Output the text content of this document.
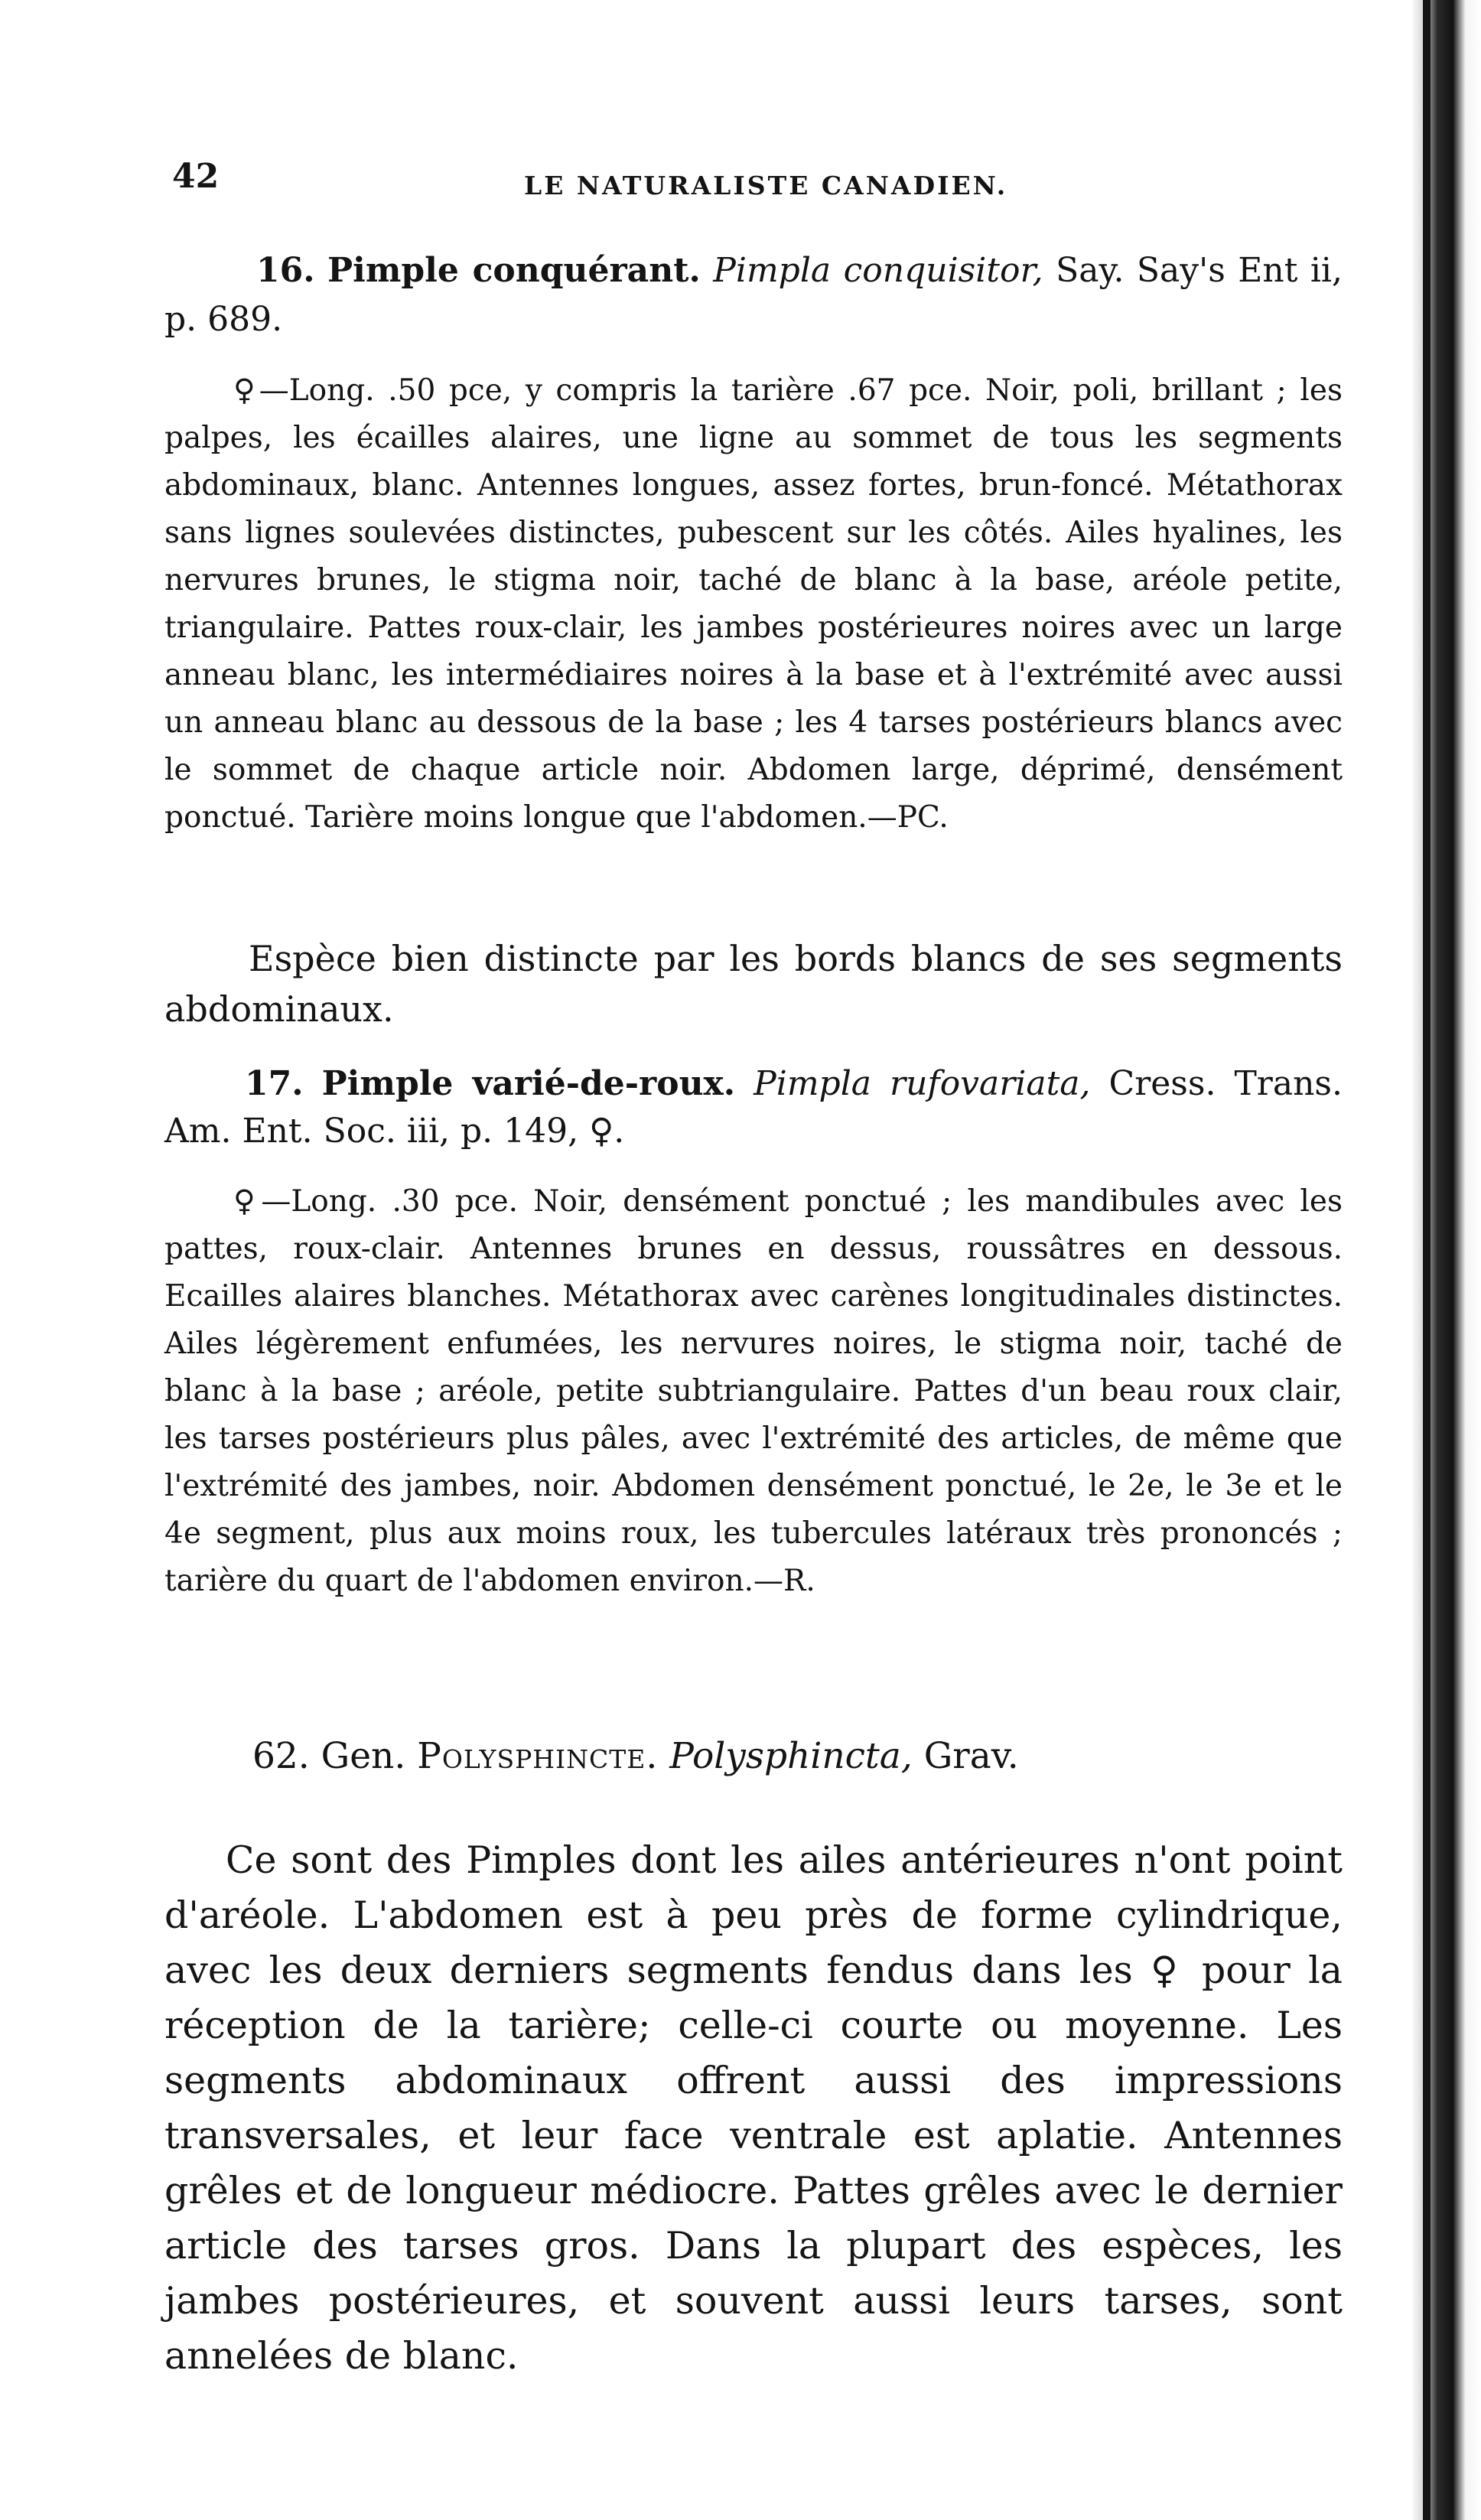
42	LE NATURALISTE CANADIEN.

16. Pimple conquérant. Pimpla conquisitor, Say. Say's Ent ii, p. 689.

♀—Long. .50 pce, y compris la tarière .67 pce. Noir, poli, brillant ; les palpes, les écailles alaires, une ligne au sommet de tous les segments abdominaux, blanc. Antennes longues, assez fortes, brun-foncé. Métathorax sans lignes soulevées distinctes, pubescent sur les côtés. Ailes hyalines, les nervures brunes, le stigma noir, taché de blanc à la base, aréole petite, triangulaire. Pattes roux-clair, les jambes postérieures noires avec un large anneau blanc, les intermédiaires noires à la base et à l'extrémité avec aussi un anneau blanc au dessous de la base ; les 4 tarses postérieurs blancs avec le sommet de chaque article noir. Abdomen large, déprimé, densément ponctué. Tarière moins longue que l'abdomen.—PC.

Espèce bien distincte par les bords blancs de ses segments abdominaux.

17. Pimple varié-de-roux. Pimpla rufovariata, Cress. Trans. Am. Ent. Soc. iii, p. 149, ♀.

♀—Long. .30 pce. Noir, densément ponctué ; les mandibules avec les pattes, roux-clair. Antennes brunes en dessus, roussâtres en dessous. Ecailles alaires blanches. Métathorax avec carènes longitudinales distinctes. Ailes légèrement enfumées, les nervures noires, le stigma noir, taché de blanc à la base ; aréole, petite subtriangulaire. Pattes d'un beau roux clair, les tarses postérieurs plus pâles, avec l'extrémité des articles, de même que l'extrémité des jambes, noir. Abdomen densément ponctué, le 2e, le 3e et le 4e segment, plus aux moins roux, les tubercules latéraux très prononcés ; tarière du quart de l'abdomen environ.—R.

62. Gen. Polysphincte. Polysphincta, Grav.

Ce sont des Pimples dont les ailes antérieures n'ont point d'aréole. L'abdomen est à peu près de forme cylindrique, avec les deux derniers segments fendus dans les ♀ pour la réception de la tarière; celle-ci courte ou moyenne. Les segments abdominaux offrent aussi des impressions transversales, et leur face ventrale est aplatie. Antennes grêles et de longueur médiocre. Pattes grêles avec le dernier article des tarses gros. Dans la plupart des espèces, les jambes postérieures, et souvent aussi leurs tarses, sont annelées de blanc.
